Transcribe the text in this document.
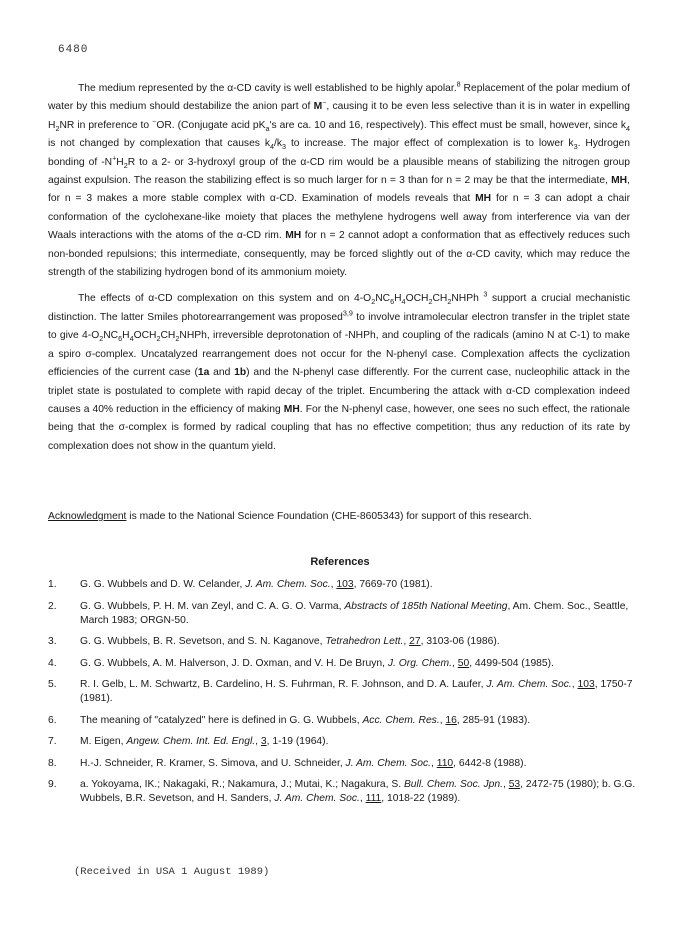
6480

The medium represented by the α-CD cavity is well established to be highly apolar.$^8$ Replacement of the polar medium of water by this medium should destabilize the anion part of M−, causing it to be even less selective than it is in water in expelling $H_2NR$ in preference to −OR. (Conjugate acid $pK_a's$ are ca. 10 and 16, respectively). This effect must be small, however, since $k_4$ is not changed by complexation that causes $k_4/k_3$ to increase. The major effect of complexation is to lower $k_3$. Hydrogen bonding of $-N^+H_2R$ to a 2- or 3-hydroxyl group of the α-CD rim would be a plausible means of stabilizing the nitrogen group against expulsion. The reason the stabilizing effect is so much larger for n = 3 than for n = 2 may be that the intermediate, MH, for n = 3 makes a more stable complex with α-CD. Examination of models reveals that MH for n = 3 can adopt a chair conformation of the cyclohexane-like moiety that places the methylene hydrogens well away from interference via van der Waals interactions with the atoms of the α-CD rim. MH for n = 2 cannot adopt a conformation that as effectively reduces such non-bonded repulsions; this intermediate, consequently, may be forced slightly out of the α-CD cavity, which may reduce the strength of the stabilizing hydrogen bond of its ammonium moiety.

The effects of α-CD complexation on this system and on $4-O_2NC_6H_4OCH_2CH_2NHPh$ $^3$ support a crucial mechanistic distinction. The latter Smiles photorearrangement was proposed$^{3,9}$ to involve intramolecular electron transfer in the triplet state to give $4-O_2NC_6H_4OCH_2CH_2NHPh$, irreversible deprotonation of -NHPh, and coupling of the radicals (amino N at C-1) to make a spiro σ-complex. Uncatalyzed rearrangement does not occur for the N-phenyl case. Complexation affects the cyclization efficiencies of the current case (1a and 1b) and the N-phenyl case differently. For the current case, nucleophilic attack in the triplet state is postulated to complete with rapid decay of the triplet. Encumbering the attack with α-CD complexation indeed causes a 40% reduction in the efficiency of making MH. For the N-phenyl case, however, one sees no such effect, the rationale being that the σ-complex is formed by radical coupling that has no effective competition; thus any reduction of its rate by complexation does not show in the quantum yield.

Acknowledgment is made to the National Science Foundation (CHE-8605343) for support of this research.
References
1.	G. G. Wubbels and D. W. Celander, J. Am. Chem. Soc., 103, 7669-70 (1981).
2.	G. G. Wubbels, P. H. M. van Zeyl, and C. A. G. O. Varma, Abstracts of 185th National Meeting, Am. Chem. Soc., Seattle, March 1983; ORGN-50.
3.	G. G. Wubbels, B. R. Sevetson, and S. N. Kaganove, Tetrahedron Lett., 27, 3103-06 (1986).
4.	G. G. Wubbels, A. M. Halverson, J. D. Oxman, and V. H. De Bruyn, J. Org. Chem., 50, 4499-504 (1985).
5.	R. I. Gelb, L. M. Schwartz, B. Cardelino, H. S. Fuhrman, R. F. Johnson, and D. A. Laufer, J. Am. Chem. Soc., 103, 1750-7 (1981).
6.	The meaning of "catalyzed" here is defined in G. G. Wubbels, Acc. Chem. Res., 16, 285-91 (1983).
7.	M. Eigen, Angew. Chem. Int. Ed. Engl., 3, 1-19 (1964).
8.	H.-J. Schneider, R. Kramer, S. Simova, and U. Schneider, J. Am. Chem. Soc., 110, 6442-8 (1988).
9.	a. Yokoyama, IK.; Nakagaki, R.; Nakamura, J.; Mutai, K.; Nagakura, S. Bull. Chem. Soc. Jpn., 53, 2472-75 (1980); b. G.G. Wubbels, B.R. Sevetson, and H. Sanders, J. Am. Chem. Soc., 111, 1018-22 (1989).
(Received in USA 1 August 1989)
